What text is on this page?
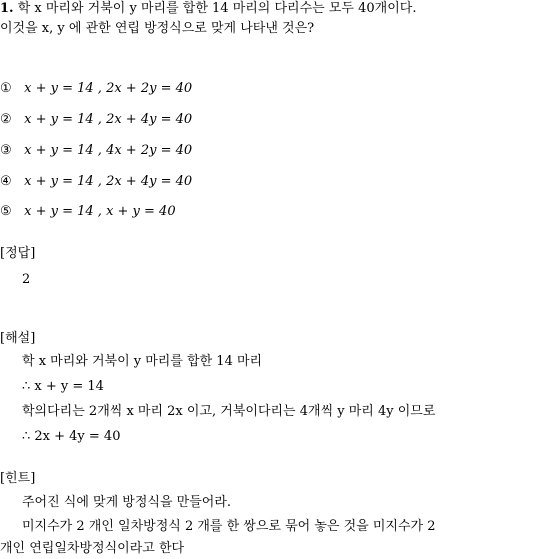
1. 학 x 마리와 거북이 y 마리를 합한 14 마리의 다리수는 모두 40개이다.
이것을 x, y 에 관한 연립 방정식으로 맞게 나타낸 것은?
① x + y = 14 , 2x + 2y = 40
② x + y = 14 , 2x + 4y = 40
③ x + y = 14 , 4x + 2y = 40
④ x + y = 14 , 2x + 4y = 40
⑤ x + y = 14 , x + y = 40
[정답]
2
[해설]
학 x 마리와 거북이 y 마리를 합한 14 마리
∴ x + y = 14
학의다리는 2개씩 x 마리 2x 이고, 거북이다리는 4개씩 y 마리 4y 이므로
∴ 2x + 4y = 40
[힌트]
주어진 식에 맞게 방정식을 만들어라.
미지수가 2 개인 일차방정식 2 개를 한 쌍으로 묶어 놓은 것을 미지수가 2
개인 연립일차방정식이라고 한다
